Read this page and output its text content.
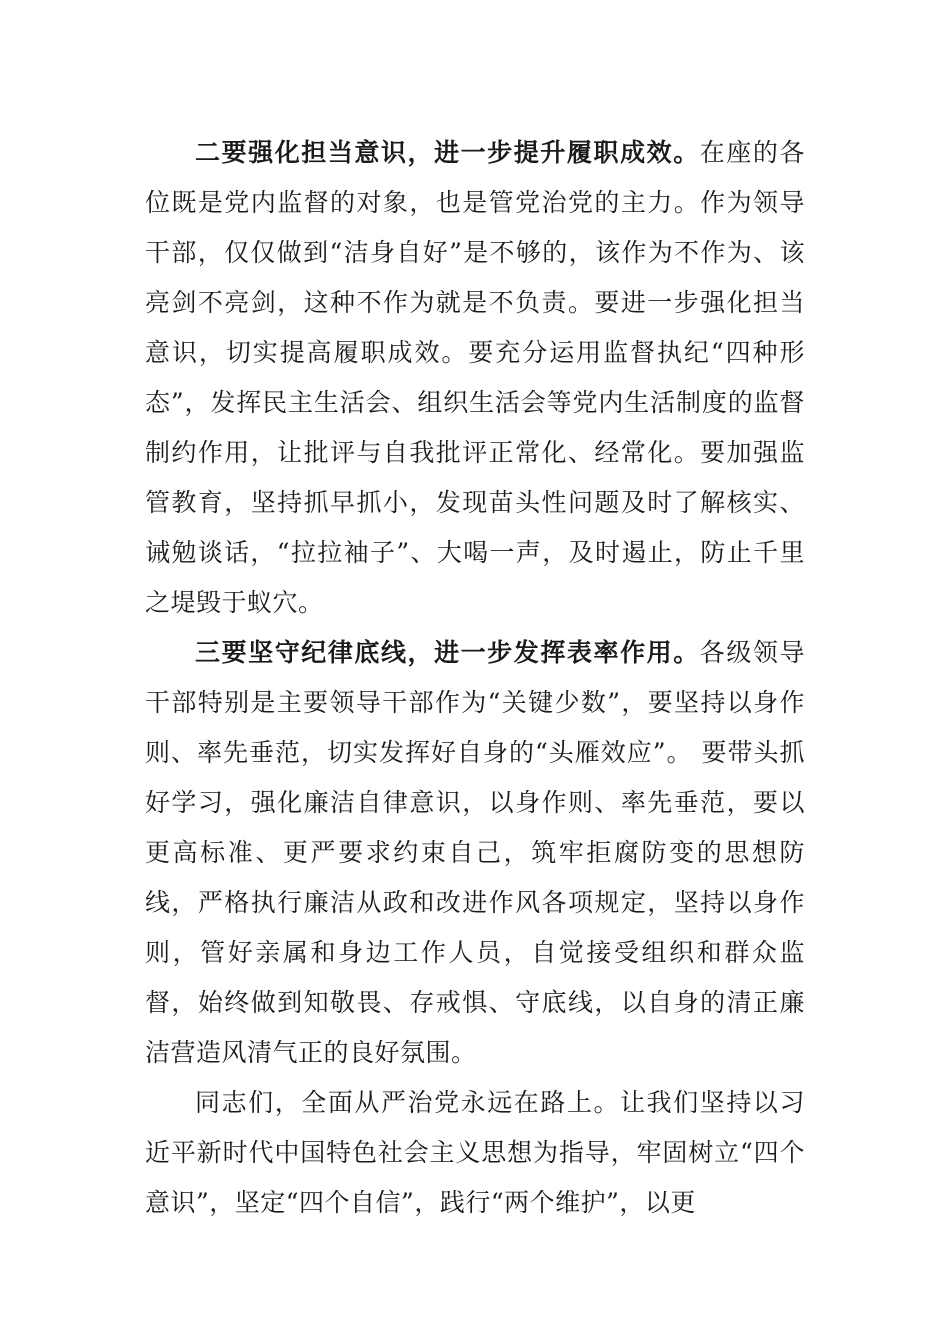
二要强化担当意识，进一步提升履职成效。在座的各位既是党内监督的对象，也是管党治党的主力。作为领导干部，仅仅做到“洁身自好”是不够的，该作为不作为、该亮剑不亮剑，这种不作为就是不负责。要进一步强化担当意识，切实提高履职成效。要充分运用监督执纪“四种形态”，发挥民主生活会、组织生活会等党内生活制度的监督制约作用，让批评与自我批评正常化、经常化。要加强监管教育，坚持抓早抓小，发现苗头性问题及时了解核实、诫勉谈话，“拉拉袖子”、大喝一声，及时遏止，防止千里之堤毁于蚁穴。

三要坚守纪律底线，进一步发挥表率作用。各级领导干部特别是主要领导干部作为“关键少数”，要坚持以身作则、率先垂范，切实发挥好自身的“头雁效应”。 要带头抓好学习，强化廉洁自律意识，以身作则、率先垂范，要以更高标准、更严要求约束自己，筑牢拒腐防变的思想防线，严格执行廉洁从政和改进作风各项规定，坚持以身作则，管好亲属和身边工作人员，自觉接受组织和群众监督，始终做到知敬畏、存戒惧、守底线，以自身的清正廉洁营造风清气正的良好氛围。

同志们，全面从严治党永远在路上。让我们坚持以习近平新时代中国特色社会主义思想为指导，牢固树立“四个意识”，坚定“四个自信”，践行“两个维护”，以更
